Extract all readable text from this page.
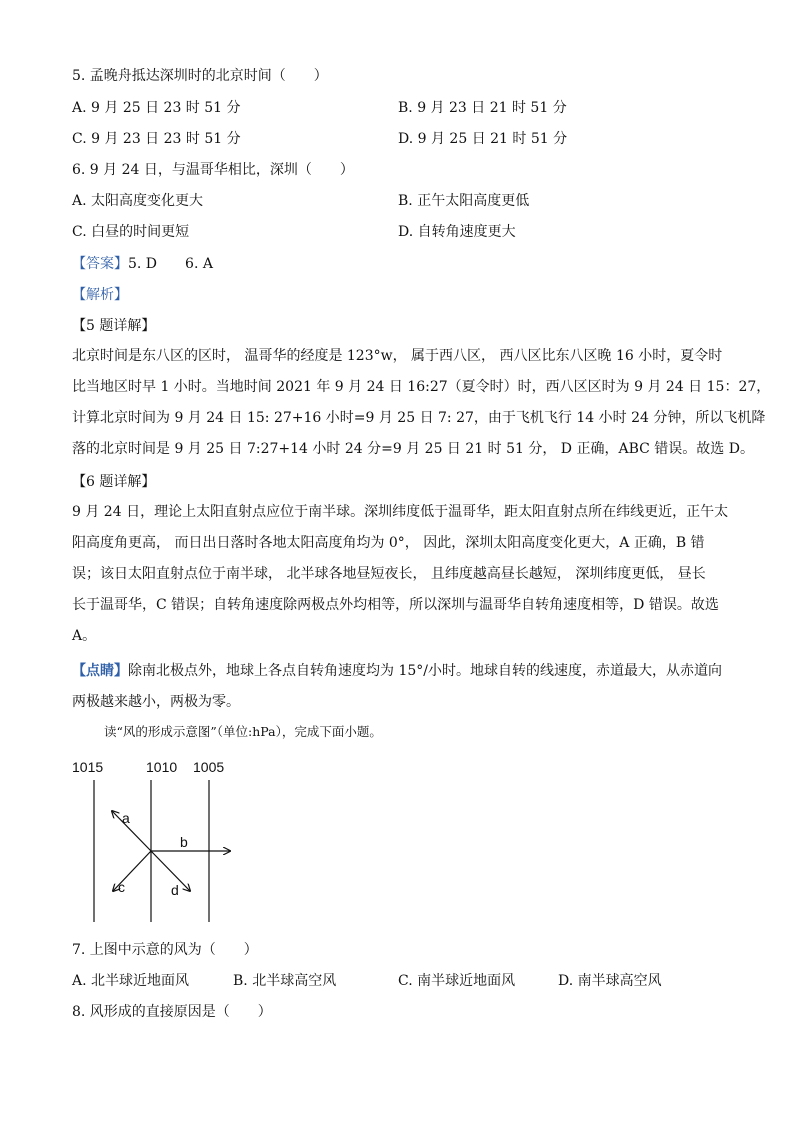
5. 孟晚舟抵达深圳时的北京时间（　　）
A. 9 月 25 日 23 时 51 分	B. 9 月 23 日 21 时 51 分
C. 9 月 23 日 23 时 51 分	D. 9 月 25 日 21 时 51 分
6. 9 月 24 日，与温哥华相比，深圳（　　）
A. 太阳高度变化更大	B. 正午太阳高度更低
C. 白昼的时间更短	D. 自转角速度更大
【答案】5. D　　6. A
【解析】
【5 题详解】
北京时间是东八区的区时， 温哥华的经度是 123°w， 属于西八区， 西八区比东八区晚 16 小时，夏令时
比当地区时早 1 小时。当地时间 2021 年 9 月 24 日 16:27（夏令时）时，西八区区时为 9 月 24 日 15：27，
计算北京时间为 9 月 24 日 15: 27+16 小时=9 月 25 日 7: 27，由于飞机飞行 14 小时 24 分钟，所以飞机降
落的北京时间是 9 月 25 日 7:27+14 小时 24 分=9 月 25 日 21 时 51 分， D 正确，ABC 错误。故选 D。
【6 题详解】
9 月 24 日，理论上太阳直射点应位于南半球。深圳纬度低于温哥华，距太阳直射点所在纬线更近，正午太
阳高度角更高， 而日出日落时各地太阳高度角均为 0°， 因此，深圳太阳高度变化更大，A 正确，B 错
误；该日太阳直射点位于南半球， 北半球各地昼短夜长， 且纬度越高昼长越短， 深圳纬度更低， 昼长
长于温哥华，C 错误；自转角速度除两极点外均相等，所以深圳与温哥华自转角速度相等，D 错误。故选
A。
【点睛】除南北极点外，地球上各点自转角速度均为 15°/小时。地球自转的线速度，赤道最大，从赤道向
两极越来越小，两极为零。
读“风的形成示意图”（单位:hPa），完成下面小题。
1015	1010 1005
a
b
c	d
7. 上图中示意的风为（　　）
A. 北半球近地面风	B. 北半球高空风	C. 南半球近地面风	D. 南半球高空风
8. 风形成的直接原因是（　　）
